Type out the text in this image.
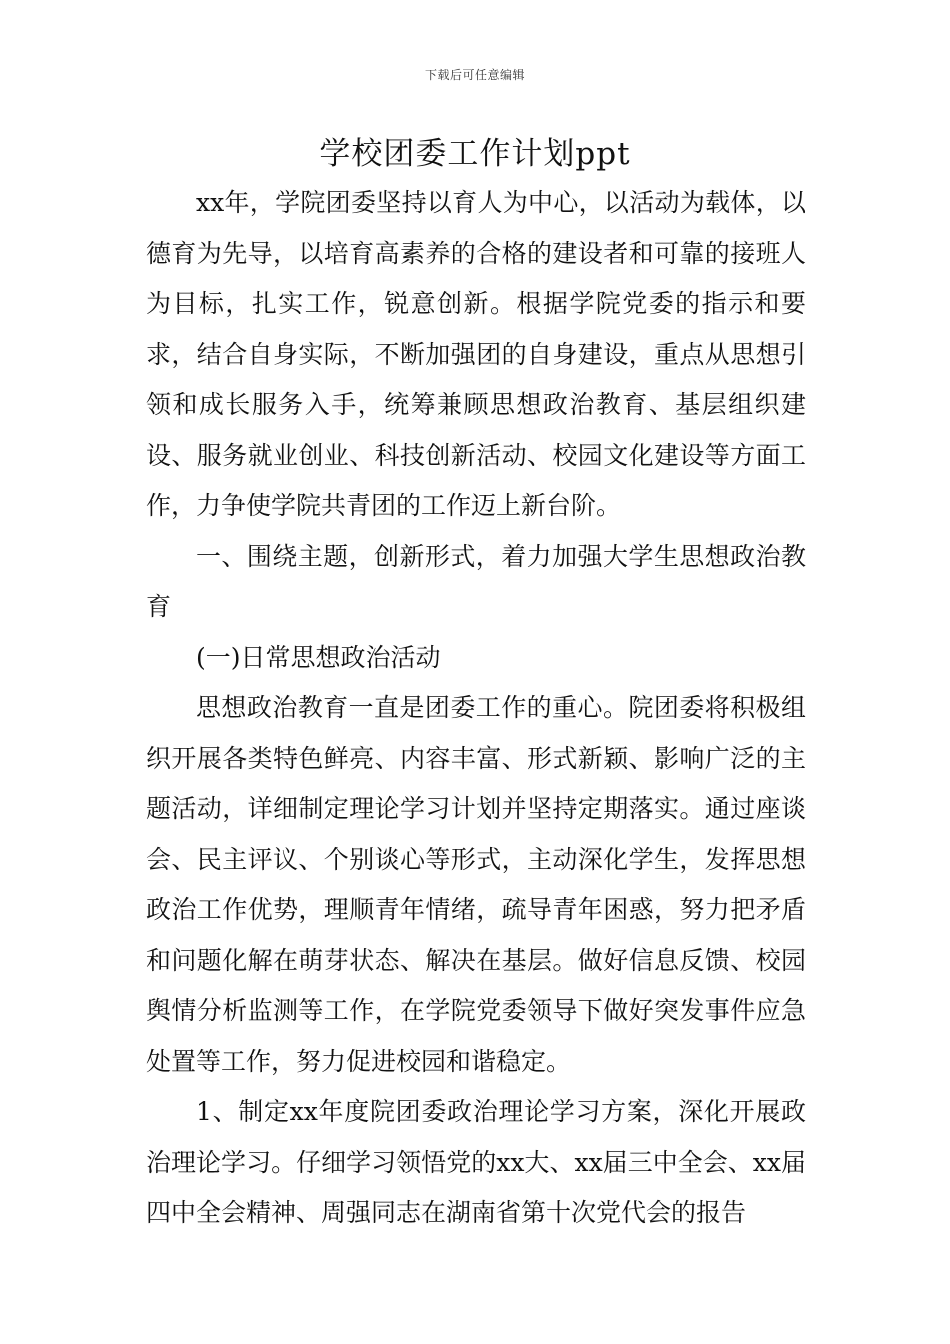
下载后可任意编辑
学校团委工作计划ppt

xx年，学院团委坚持以育人为中心，以活动为载体，以德育为先导，以培育高素养的合格的建设者和可靠的接班人为目标，扎实工作，锐意创新。根据学院党委的指示和要求，结合自身实际，不断加强团的自身建设，重点从思想引领和成长服务入手，统筹兼顾思想政治教育、基层组织建设、服务就业创业、科技创新活动、校园文化建设等方面工作，力争使学院共青团的工作迈上新台阶。

一、围绕主题，创新形式，着力加强大学生思想政治教育

(一)日常思想政治活动

思想政治教育一直是团委工作的重心。院团委将积极组织开展各类特色鲜亮、内容丰富、形式新颖、影响广泛的主题活动，详细制定理论学习计划并坚持定期落实。通过座谈会、民主评议、个别谈心等形式，主动深化学生，发挥思想政治工作优势，理顺青年情绪，疏导青年困惑，努力把矛盾和问题化解在萌芽状态、解决在基层。做好信息反馈、校园舆情分析监测等工作，在学院党委领导下做好突发事件应急处置等工作，努力促进校园和谐稳定。

1、制定xx年度院团委政治理论学习方案，深化开展政治理论学习。仔细学习领悟党的xx大、xx届三中全会、xx届四中全会精神、周强同志在湖南省第十次党代会的报告
